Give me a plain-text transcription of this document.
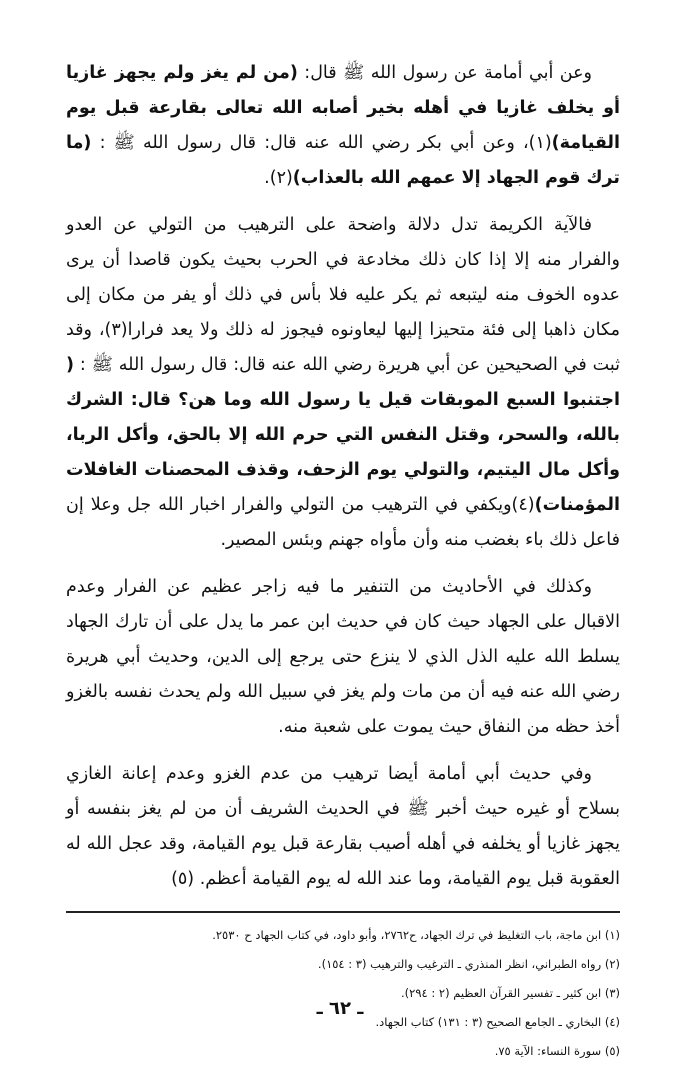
وعن أبي أمامة عن رسول الله ﷺ قال: (من لم يغز ولم يجهز غازيا أو يخلف غازيا في أهله بخير أصابه الله تعالى بقارعة قبل يوم القيامة)(١)، وعن أبي بكر رضي الله عنه قال: قال رسول الله ﷺ : (ما ترك قوم الجهاد إلا عمهم الله بالعذاب)(٢).

فالآية الكريمة تدل دلالة واضحة على الترهيب من التولي عن العدو والفرار منه إلا إذا كان ذلك مخادعة في الحرب بحيث يكون قاصدا أن يرى عدوه الخوف منه ليتبعه ثم يكر عليه فلا بأس في ذلك أو يفر من مكان إلى مكان ذاهبا إلى فئة متحيزا إليها ليعاونوه فيجوز له ذلك ولا يعد فرارا(٣)، وقد ثبت في الصحيحين عن أبي هريرة رضي الله عنه قال: قال رسول الله ﷺ : ( اجتنبوا السبع الموبقات قيل يا رسول الله وما هن؟ قال: الشرك بالله، والسحر، وقتل النفس التي حرم الله إلا بالحق، وأكل الربا، وأكل مال اليتيم، والتولي يوم الزحف، وقذف المحصنات الغافلات المؤمنات)(٤)ويكفي في الترهيب من التولي والفرار اخبار الله جل وعلا إن فاعل ذلك باء بغضب منه وأن مأواه جهنم وبئس المصير.

وكذلك في الأحاديث من التنفير ما فيه زاجر عظيم عن الفرار وعدم الاقبال على الجهاد حيث كان في حديث ابن عمر ما يدل على أن تارك الجهاد يسلط الله عليه الذل الذي لا ينزع حتى يرجع إلى الدين، وحديث أبي هريرة رضي الله عنه فيه أن من مات ولم يغز في سبيل الله ولم يحدث نفسه بالغزو أخذ حظه من النفاق حيث يموت على شعبة منه.

وفي حديث أبي أمامة أيضا ترهيب من عدم الغزو وعدم إعانة الغازي بسلاح أو غيره حيث أخبر ﷺ في الحديث الشريف أن من لم يغز بنفسه أو يجهز غازيا أو يخلفه في أهله أصيب بقارعة قبل يوم القيامة، وقد عجل الله له العقوبة قبل يوم القيامة، وما عند الله له يوم القيامة أعظم. (٥)

(١) ابن ماجة، باب التغليظ في ترك الجهاد، ح٢٧٦٢، وأبو داود، في كتاب الجهاد ح ٢٥٣٠.
(٢) رواه الطبراني، انظر المنذري ـ الترغيب والترهيب (٣ : ١٥٤).
(٣) ابن كثير ـ تفسير القرآن العظيم (٢ : ٢٩٤).
(٤) البخاري ـ الجامع الصحيح (٣ : ١٣١) كتاب الجهاد.
(٥) سورة النساء: الآية ٧٥.
ـ ٦٢ ـ
